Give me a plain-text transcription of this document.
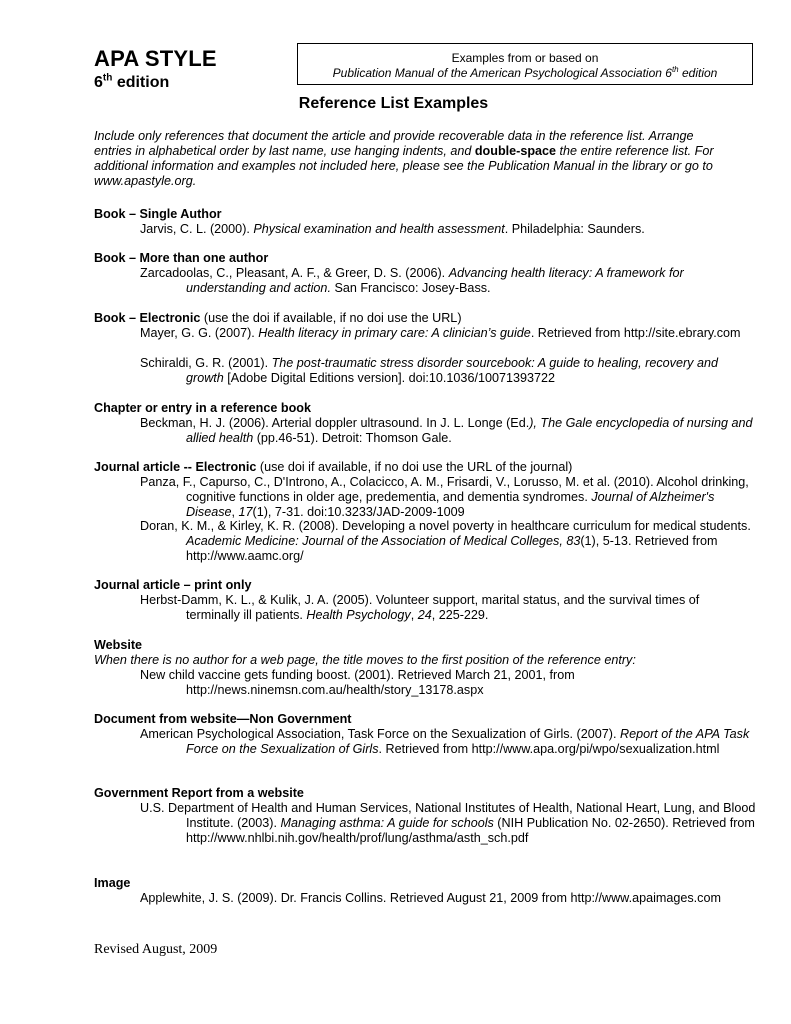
APA STYLE
6th edition
Examples from or based on
Publication Manual of the American Psychological Association 6th edition
Reference List Examples
Include only references that document the article and provide recoverable data in the reference list. Arrange entries in alphabetical order by last name, use hanging indents, and double-space the entire reference list. For additional information and examples not included here, please see the Publication Manual in the library or go to www.apastyle.org.
Book – Single Author
Jarvis, C. L. (2000). Physical examination and health assessment. Philadelphia: Saunders.
Book – More than one author
Zarcadoolas, C., Pleasant, A. F., & Greer, D. S. (2006). Advancing health literacy: A framework for understanding and action. San Francisco: Josey-Bass.
Book – Electronic (use the doi if available, if no doi use the URL)
Mayer, G. G. (2007). Health literacy in primary care: A clinician’s guide. Retrieved from http://site.ebrary.com
Schiraldi, G. R. (2001). The post-traumatic stress disorder sourcebook: A guide to healing, recovery and growth [Adobe Digital Editions version]. doi:10.1036/10071393722
Chapter or entry in a reference book
Beckman, H. J. (2006). Arterial doppler ultrasound. In J. L. Longe (Ed.), The Gale encyclopedia of nursing and allied health (pp.46-51). Detroit: Thomson Gale.
Journal article -- Electronic (use doi if available, if no doi use the URL of the journal)
Panza, F., Capurso, C., D'Introno, A., Colacicco, A. M., Frisardi, V., Lorusso, M. et al. (2010). Alcohol drinking, cognitive functions in older age, predementia, and dementia syndromes. Journal of Alzheimer's Disease, 17(1), 7-31. doi:10.3233/JAD-2009-1009
Doran, K. M., & Kirley, K. R. (2008). Developing a novel poverty in healthcare curriculum for medical students. Academic Medicine: Journal of the Association of Medical Colleges, 83(1), 5-13. Retrieved from http://www.aamc.org/
Journal article – print only
Herbst-Damm, K. L., & Kulik, J. A. (2005). Volunteer support, marital status, and the survival times of terminally ill patients. Health Psychology, 24, 225-229.
Website
When there is no author for a web page, the title moves to the first position of the reference entry:
New child vaccine gets funding boost. (2001). Retrieved March 21, 2001, from http://news.ninemsn.com.au/health/story_13178.aspx
Document from website—Non Government
American Psychological Association, Task Force on the Sexualization of Girls. (2007). Report of the APA Task Force on the Sexualization of Girls. Retrieved from http://www.apa.org/pi/wpo/sexualization.html
Government Report from a website
U.S. Department of Health and Human Services, National Institutes of Health, National Heart, Lung, and Blood Institute. (2003). Managing asthma: A guide for schools (NIH Publication No. 02-2650). Retrieved from http://www.nhlbi.nih.gov/health/prof/lung/asthma/asth_sch.pdf
Image
Applewhite, J. S. (2009). Dr. Francis Collins. Retrieved August 21, 2009 from http://www.apaimages.com
Revised August, 2009
